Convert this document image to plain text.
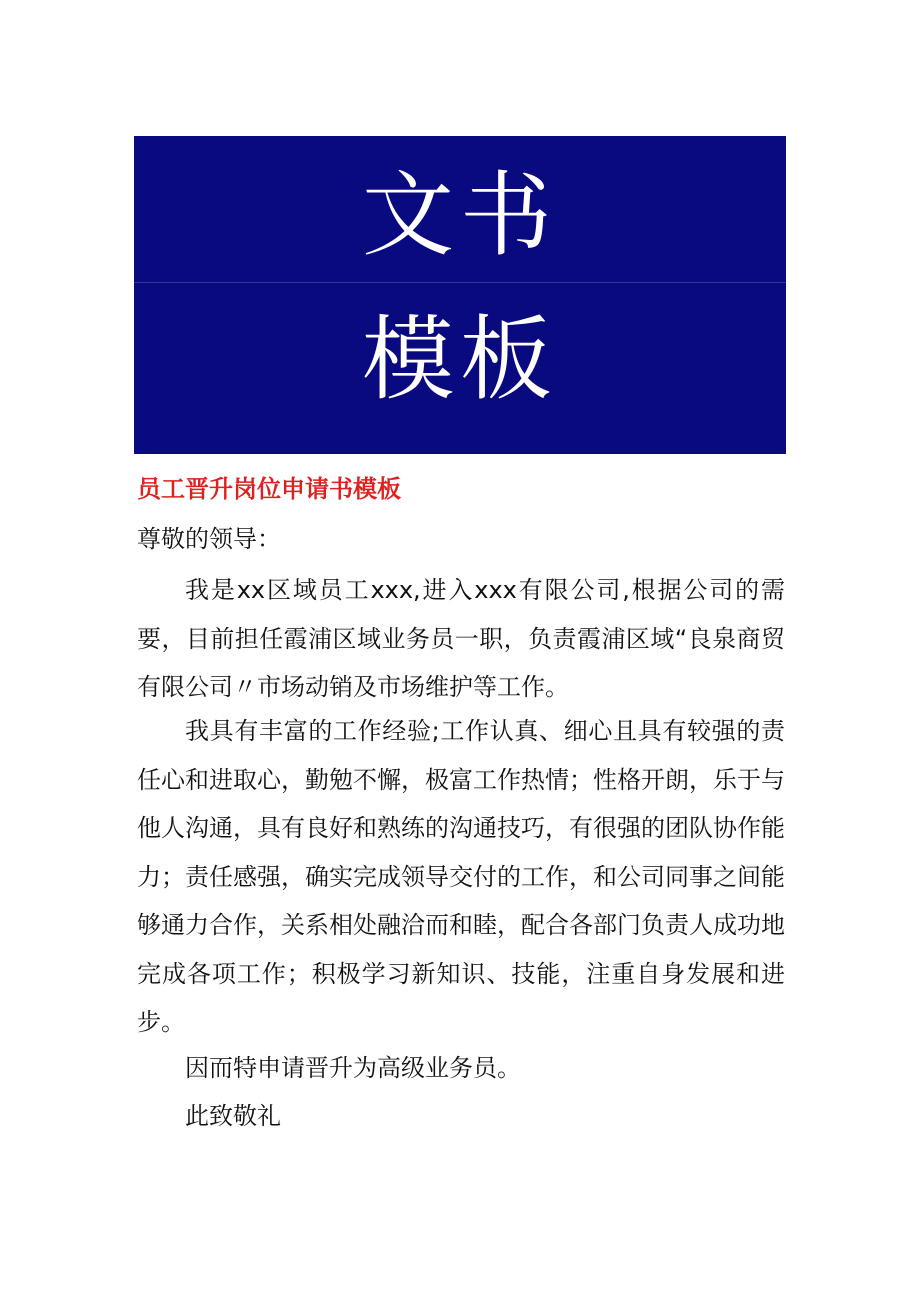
文书
模板
员工晋升岗位申请书模板
尊敬的领导：

我是xx区域员工xxx,进入xxx有限公司,根据公司的需要，目前担任霞浦区域业务员一职，负责霞浦区域“良泉商贸有限公司〃市场动销及市场维护等工作。

我具有丰富的工作经验;工作认真、细心且具有较强的责任心和进取心，勤勉不懈，极富工作热情；性格开朗，乐于与他人沟通，具有良好和熟练的沟通技巧，有很强的团队协作能力；责任感强，确实完成领导交付的工作，和公司同事之间能够通力合作，关系相处融洽而和睦，配合各部门负责人成功地完成各项工作；积极学习新知识、技能，注重自身发展和进步。

因而特申请晋升为高级业务员。

此致敬礼
